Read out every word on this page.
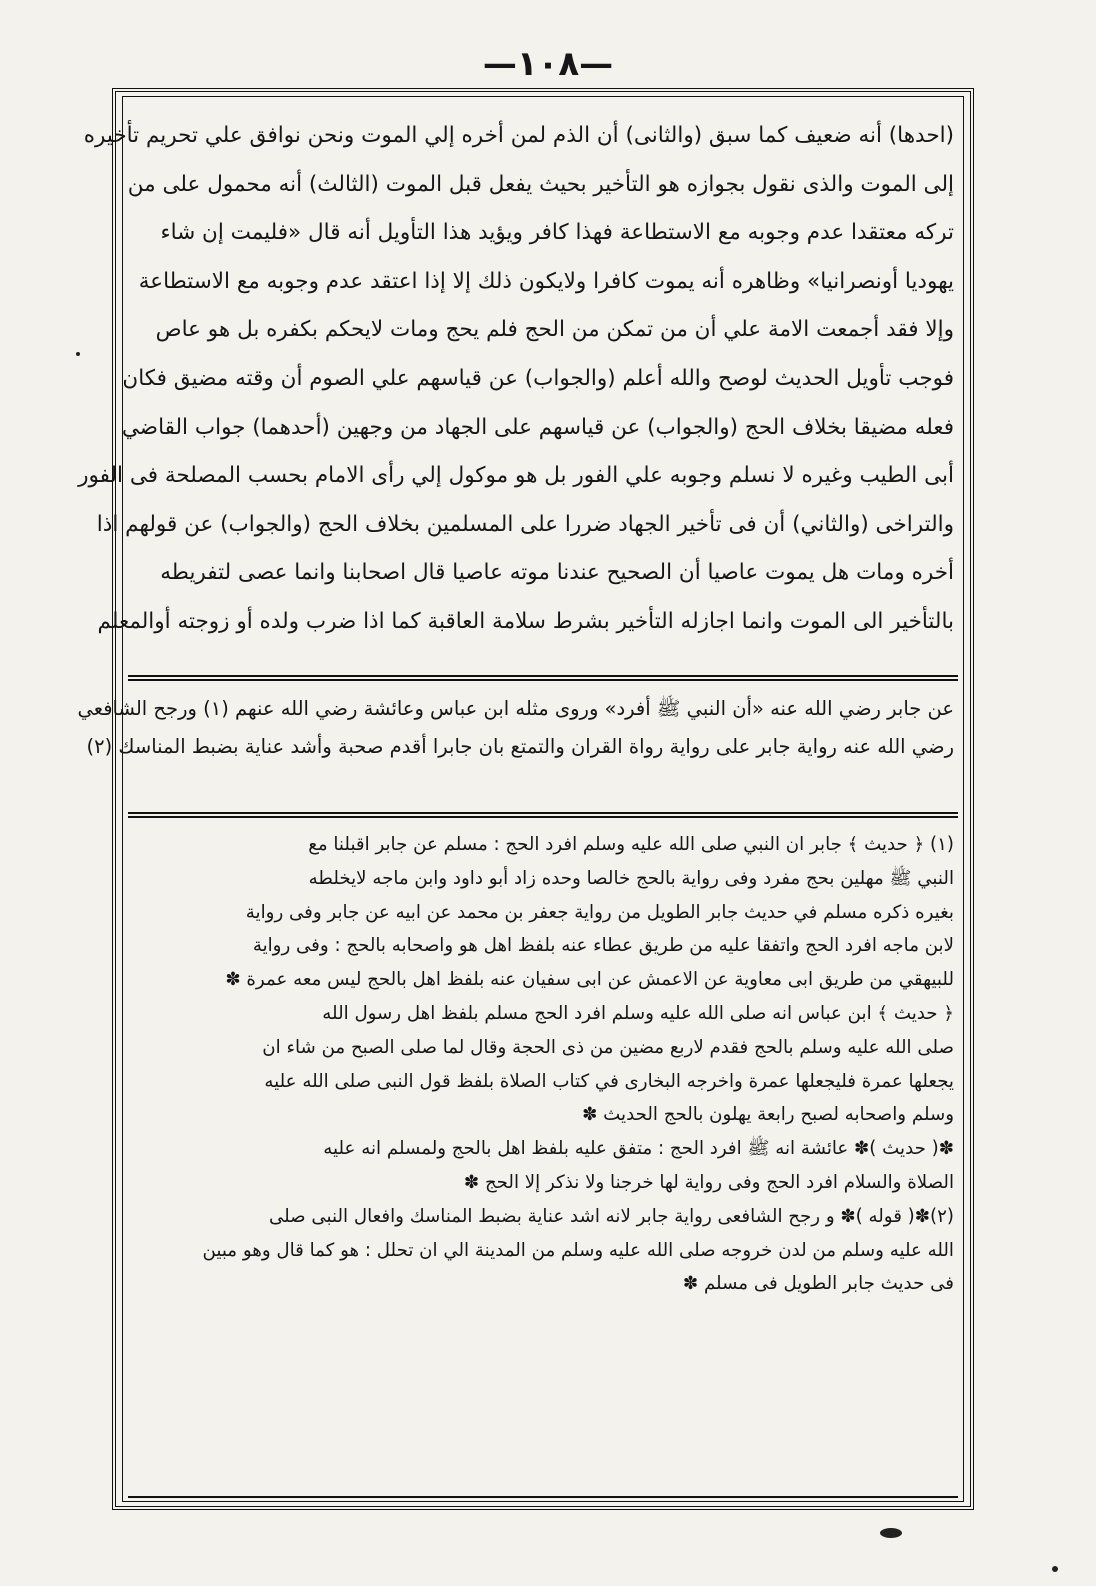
—١٠٨—
(احدها) أنه ضعيف كما سبق (والثانى) أن الذم لمن أخره إلي الموت ونحن نوافق علي تحريم تأخيره
إلى الموت والذى نقول بجوازه هو التأخير بحيث يفعل قبل الموت (الثالث) أنه محمول على من
تركه معتقدا عدم وجوبه مع الاستطاعة فهذا كافر ويؤيد هذا التأويل أنه قال «فليمت إن شاء
يهوديا أونصرانيا» وظاهره أنه يموت كافرا ولايكون ذلك إلا إذا اعتقد عدم وجوبه مع الاستطاعة
وإلا فقد أجمعت الامة علي أن من تمكن من الحج فلم يحج ومات لايحكم بكفره بل هو عاص
فوجب تأويل الحديث لوصح والله أعلم (والجواب) عن قياسهم علي الصوم أن وقته مضيق فكان
فعله مضيقا بخلاف الحج (والجواب) عن قياسهم على الجهاد من وجهين (أحدهما) جواب القاضي
أبى الطيب وغيره لا نسلم وجوبه علي الفور بل هو موكول إلي رأى الامام بحسب المصلحة فى الفور
والتراخى (والثاني) أن فى تأخير الجهاد ضررا على المسلمين بخلاف الحج (والجواب) عن قولهم اذا
أخره ومات هل يموت عاصيا أن الصحيح عندنا موته عاصيا قال اصحابنا وانما عصى لتفريطه
بالتأخير الى الموت وانما اجازله التأخير بشرط سلامة العاقبة كما اذا ضرب ولده أو زوجته أوالمعلم
عن جابر رضي الله عنه «أن النبي ﷺ أفرد» وروى مثله ابن عباس وعائشة رضي الله عنهم (١) ورجح الشافعي
رضي الله عنه رواية جابر على رواية رواة القران والتمتع بان جابرا أقدم صحبة وأشد عناية بضبط المناسك (٢)
(١) ﴿ حديث ﴾ جابر ان النبي صلى الله عليه وسلم افرد الحج : مسلم عن جابر اقبلنا مع
النبي ﷺ مهلين بحج مفرد وفى رواية بالحج خالصا وحده زاد أبو داود وابن ماجه لايخلطه
بغيره ذكره مسلم في حديث جابر الطويل من رواية جعفر بن محمد عن ابيه عن جابر وفى رواية
لابن ماجه افرد الحج واتفقا عليه من طريق عطاء عنه بلفظ اهل هو واصحابه بالحج : وفى رواية
للبيهقي من طريق ابى معاوية عن الاعمش عن ابى سفيان عنه بلفظ اهل بالحج ليس معه عمرة ✽
﴿ حديث ﴾ ابن عباس انه صلى الله عليه وسلم افرد الحج مسلم بلفظ اهل رسول الله
صلى الله عليه وسلم بالحج فقدم لاربع مضين من ذى الحجة وقال لما صلى الصبح من شاء ان
يجعلها عمرة فليجعلها عمرة واخرجه البخارى في كتاب الصلاة بلفظ قول النبى صلى الله عليه
وسلم واصحابه لصبح رابعة يهلون بالحج الحديث ✽
✽( حديث )✽ عائشة انه ﷺ افرد الحج : متفق عليه بلفظ اهل بالحج ولمسلم انه عليه
الصلاة والسلام افرد الحج وفى رواية لها خرجنا ولا نذكر إلا الحج ✽
(٢)✽( قوله )✽ و رجح الشافعى رواية جابر لانه اشد عناية بضبط المناسك وافعال النبى صلى
الله عليه وسلم من لدن خروجه صلى الله عليه وسلم من المدينة الي ان تحلل : هو كما قال وهو مبين
فى حديث جابر الطويل فى مسلم ✽
